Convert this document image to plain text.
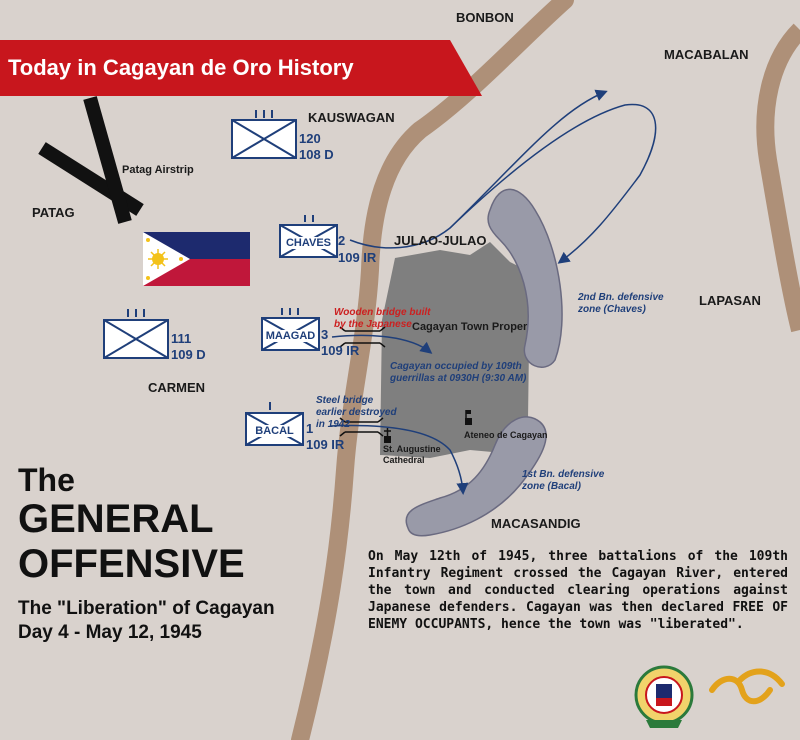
Today in Cagayan de Oro History
BONBON
MACABALAN
KAUSWAGAN
Patag Airstrip
PATAG
JULAO-JULAO
LAPASAN
CARMEN
MACASANDIG
Cagayan Town Proper
St. Augustine Cathedral
Ateneo de Cagayan
120
108 D
CHAVES 2
109 IR
111
109 D
MAAGAD 3
109 IR
BACAL 1
109 IR
Wooden bridge built by the Japanese
Steel bridge earlier destroyed in 1942
Cagayan occupied by 109th guerrillas at 0930H (9:30 AM)
2nd Bn. defensive zone (Chaves)
1st Bn. defensive zone (Bacal)
The
GENERAL
OFFENSIVE
The "Liberation" of Cagayan
Day 4 - May 12, 1945
On May 12th of 1945, three battalions of the 109th Infantry Regiment crossed the Cagayan River, entered the town and conducted clearing operations against Japanese defenders. Cagayan was then declared FREE OF ENEMY OCCUPANTS, hence the town was "liberated".
